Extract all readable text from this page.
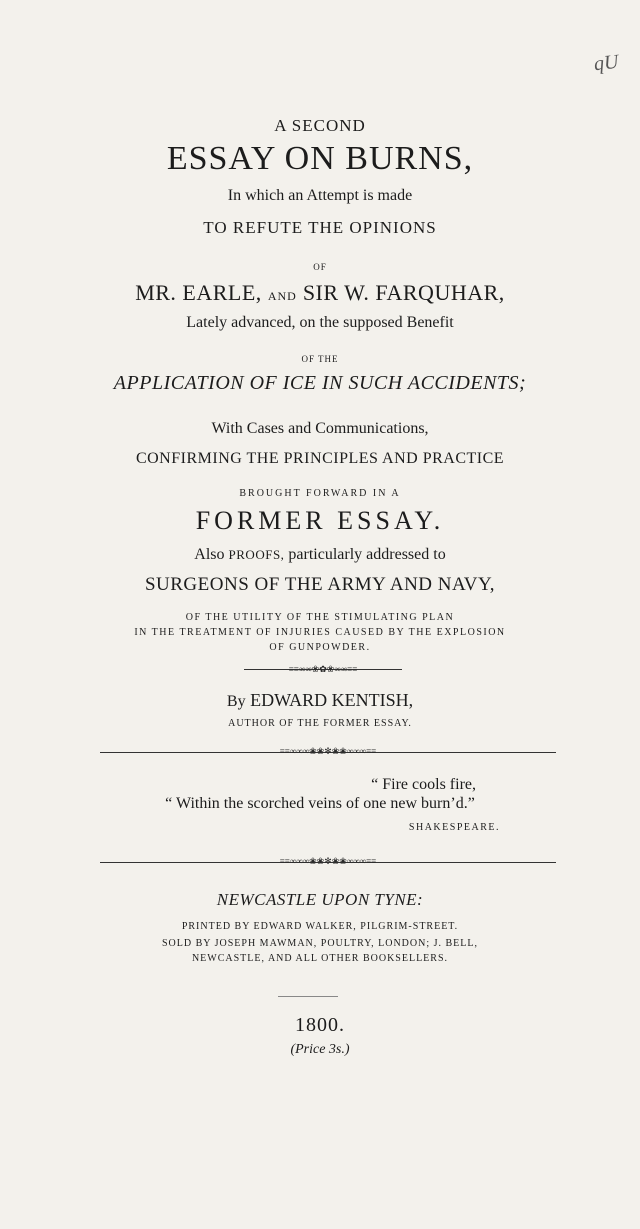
qU
A SECOND
ESSAY ON BURNS,
In which an Attempt is made
TO REFUTE THE OPINIONS
OF
MR. EARLE, AND SIR W. FARQUHAR,
Lately advanced, on the supposed Benefit
OF THE
APPLICATION OF ICE IN SUCH ACCIDENTS;
With Cases and Communications,
CONFIRMING THE PRINCIPLES AND PRACTICE
BROUGHT FORWARD IN A
FORMER ESSAY.
Also PROOFS, particularly addressed to
SURGEONS OF THE ARMY AND NAVY,
OF THE UTILITY OF THE STIMULATING PLAN
IN THE TREATMENT OF INJURIES CAUSED BY THE EXPLOSION
OF GUNPOWDER.
≡≡∞∞❀✿❀∞∞≡≡
By EDWARD KENTISH,
AUTHOR OF THE FORMER ESSAY.
≡≡∞∞∞❀❀✻❀❀∞∞∞≡≡
“ Fire cools fire,
“ Within the scorched veins of one new burn’d.”
SHAKESPEARE.
≡≡∞∞∞❀❀✻❀❀∞∞∞≡≡
NEWCASTLE UPON TYNE:
PRINTED BY EDWARD WALKER, PILGRIM-STREET.
SOLD BY JOSEPH MAWMAN, POULTRY, LONDON; J. BELL,
NEWCASTLE, AND ALL OTHER BOOKSELLERS.
1800.
(Price 3s.)
